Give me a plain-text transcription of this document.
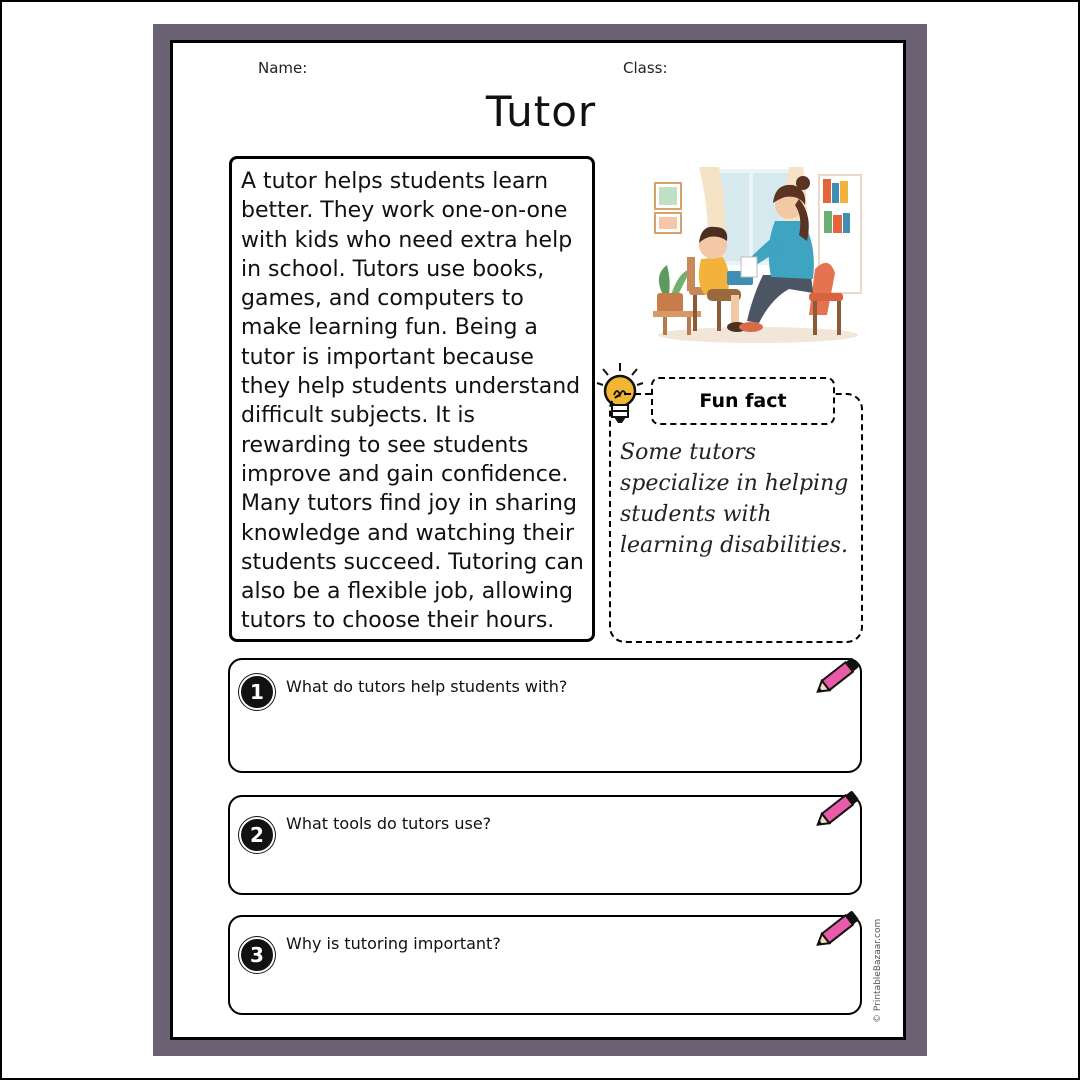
Name:	Class:
Tutor
A tutor helps students learn better. They work one-on-one with kids who need extra help in school. Tutors use books, games, and computers to make learning fun. Being a tutor is important because they help students understand difficult subjects. It is rewarding to see students improve and gain confidence. Many tutors find joy in sharing knowledge and watching their students succeed. Tutoring can also be a flexible job, allowing tutors to choose their hours.
Fun fact
Some tutors specialize in helping students with learning disabilities.
1	What do tutors help students with?
2	What tools do tutors use?
3	Why is tutoring important?	© PrintableBazaar.com
